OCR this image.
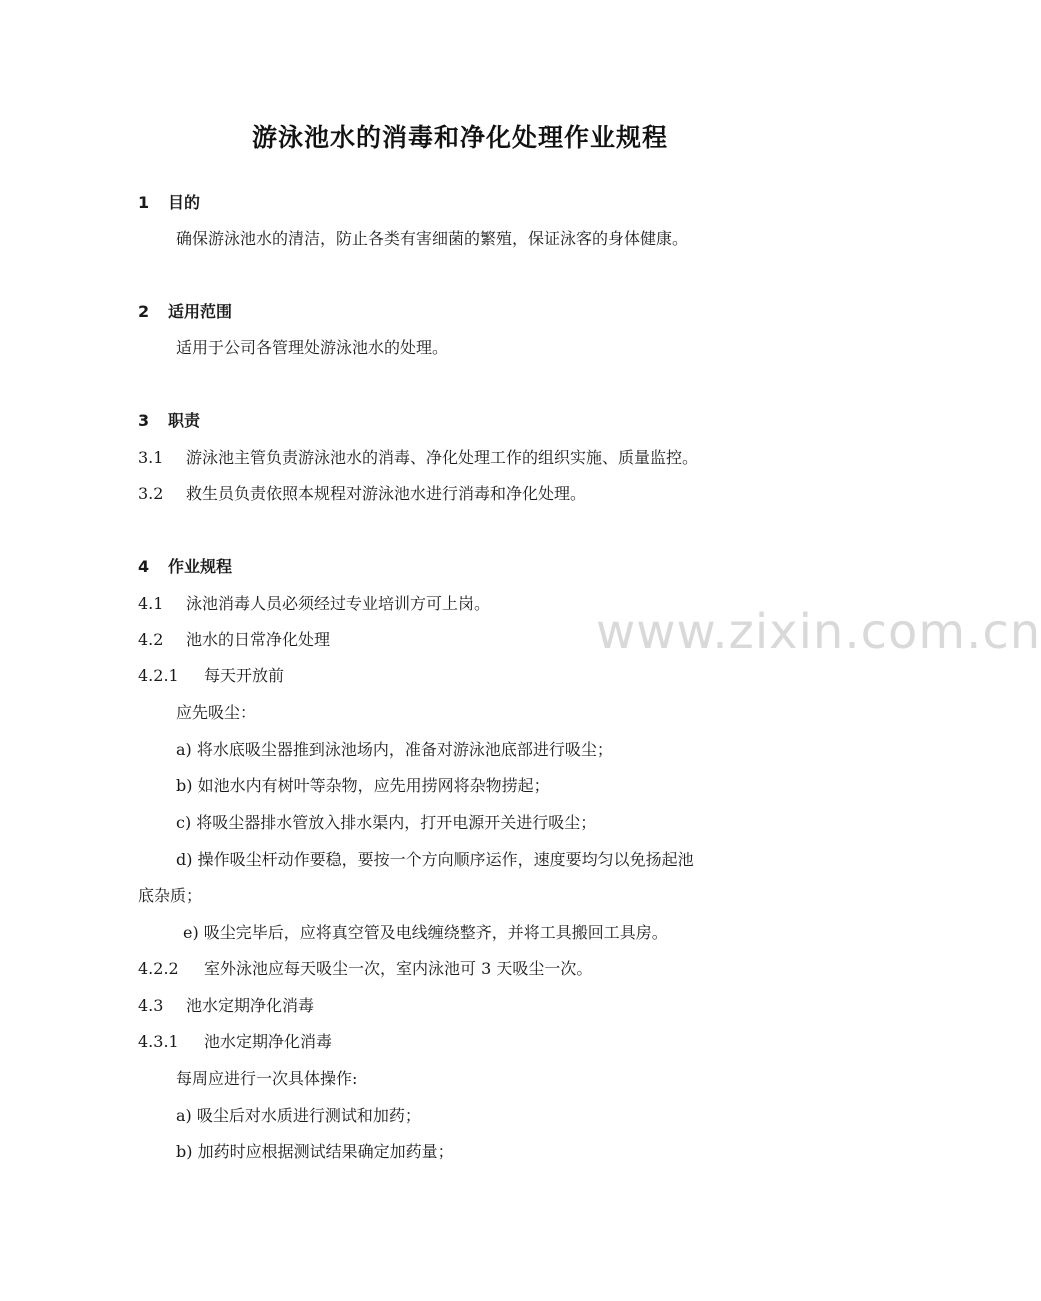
游泳池水的消毒和净化处理作业规程
1 目的
确保游泳池水的清洁，防止各类有害细菌的繁殖，保证泳客的身体健康。
2 适用范围
适用于公司各管理处游泳池水的处理。
3 职责
3.1 游泳池主管负责游泳池水的消毒、净化处理工作的组织实施、质量监控。
3.2 救生员负责依照本规程对游泳池水进行消毒和净化处理。
4 作业规程
4.1 泳池消毒人员必须经过专业培训方可上岗。
4.2 池水的日常净化处理
4.2.1 每天开放前
应先吸尘：
a) 将水底吸尘器推到泳池场内，准备对游泳池底部进行吸尘；
b) 如池水内有树叶等杂物，应先用捞网将杂物捞起；
c) 将吸尘器排水管放入排水渠内，打开电源开关进行吸尘；
d) 操作吸尘杆动作要稳，要按一个方向顺序运作，速度要均匀以免扬起池
底杂质；
e) 吸尘完毕后，应将真空管及电线缠绕整齐，并将工具搬回工具房。
4.2.2 室外泳池应每天吸尘一次，室内泳池可 3 天吸尘一次。
4.3 池水定期净化消毒
4.3.1 池水定期净化消毒
每周应进行一次具体操作:
a) 吸尘后对水质进行测试和加药；
b) 加药时应根据测试结果确定加药量；
www.zixin.com.cn
